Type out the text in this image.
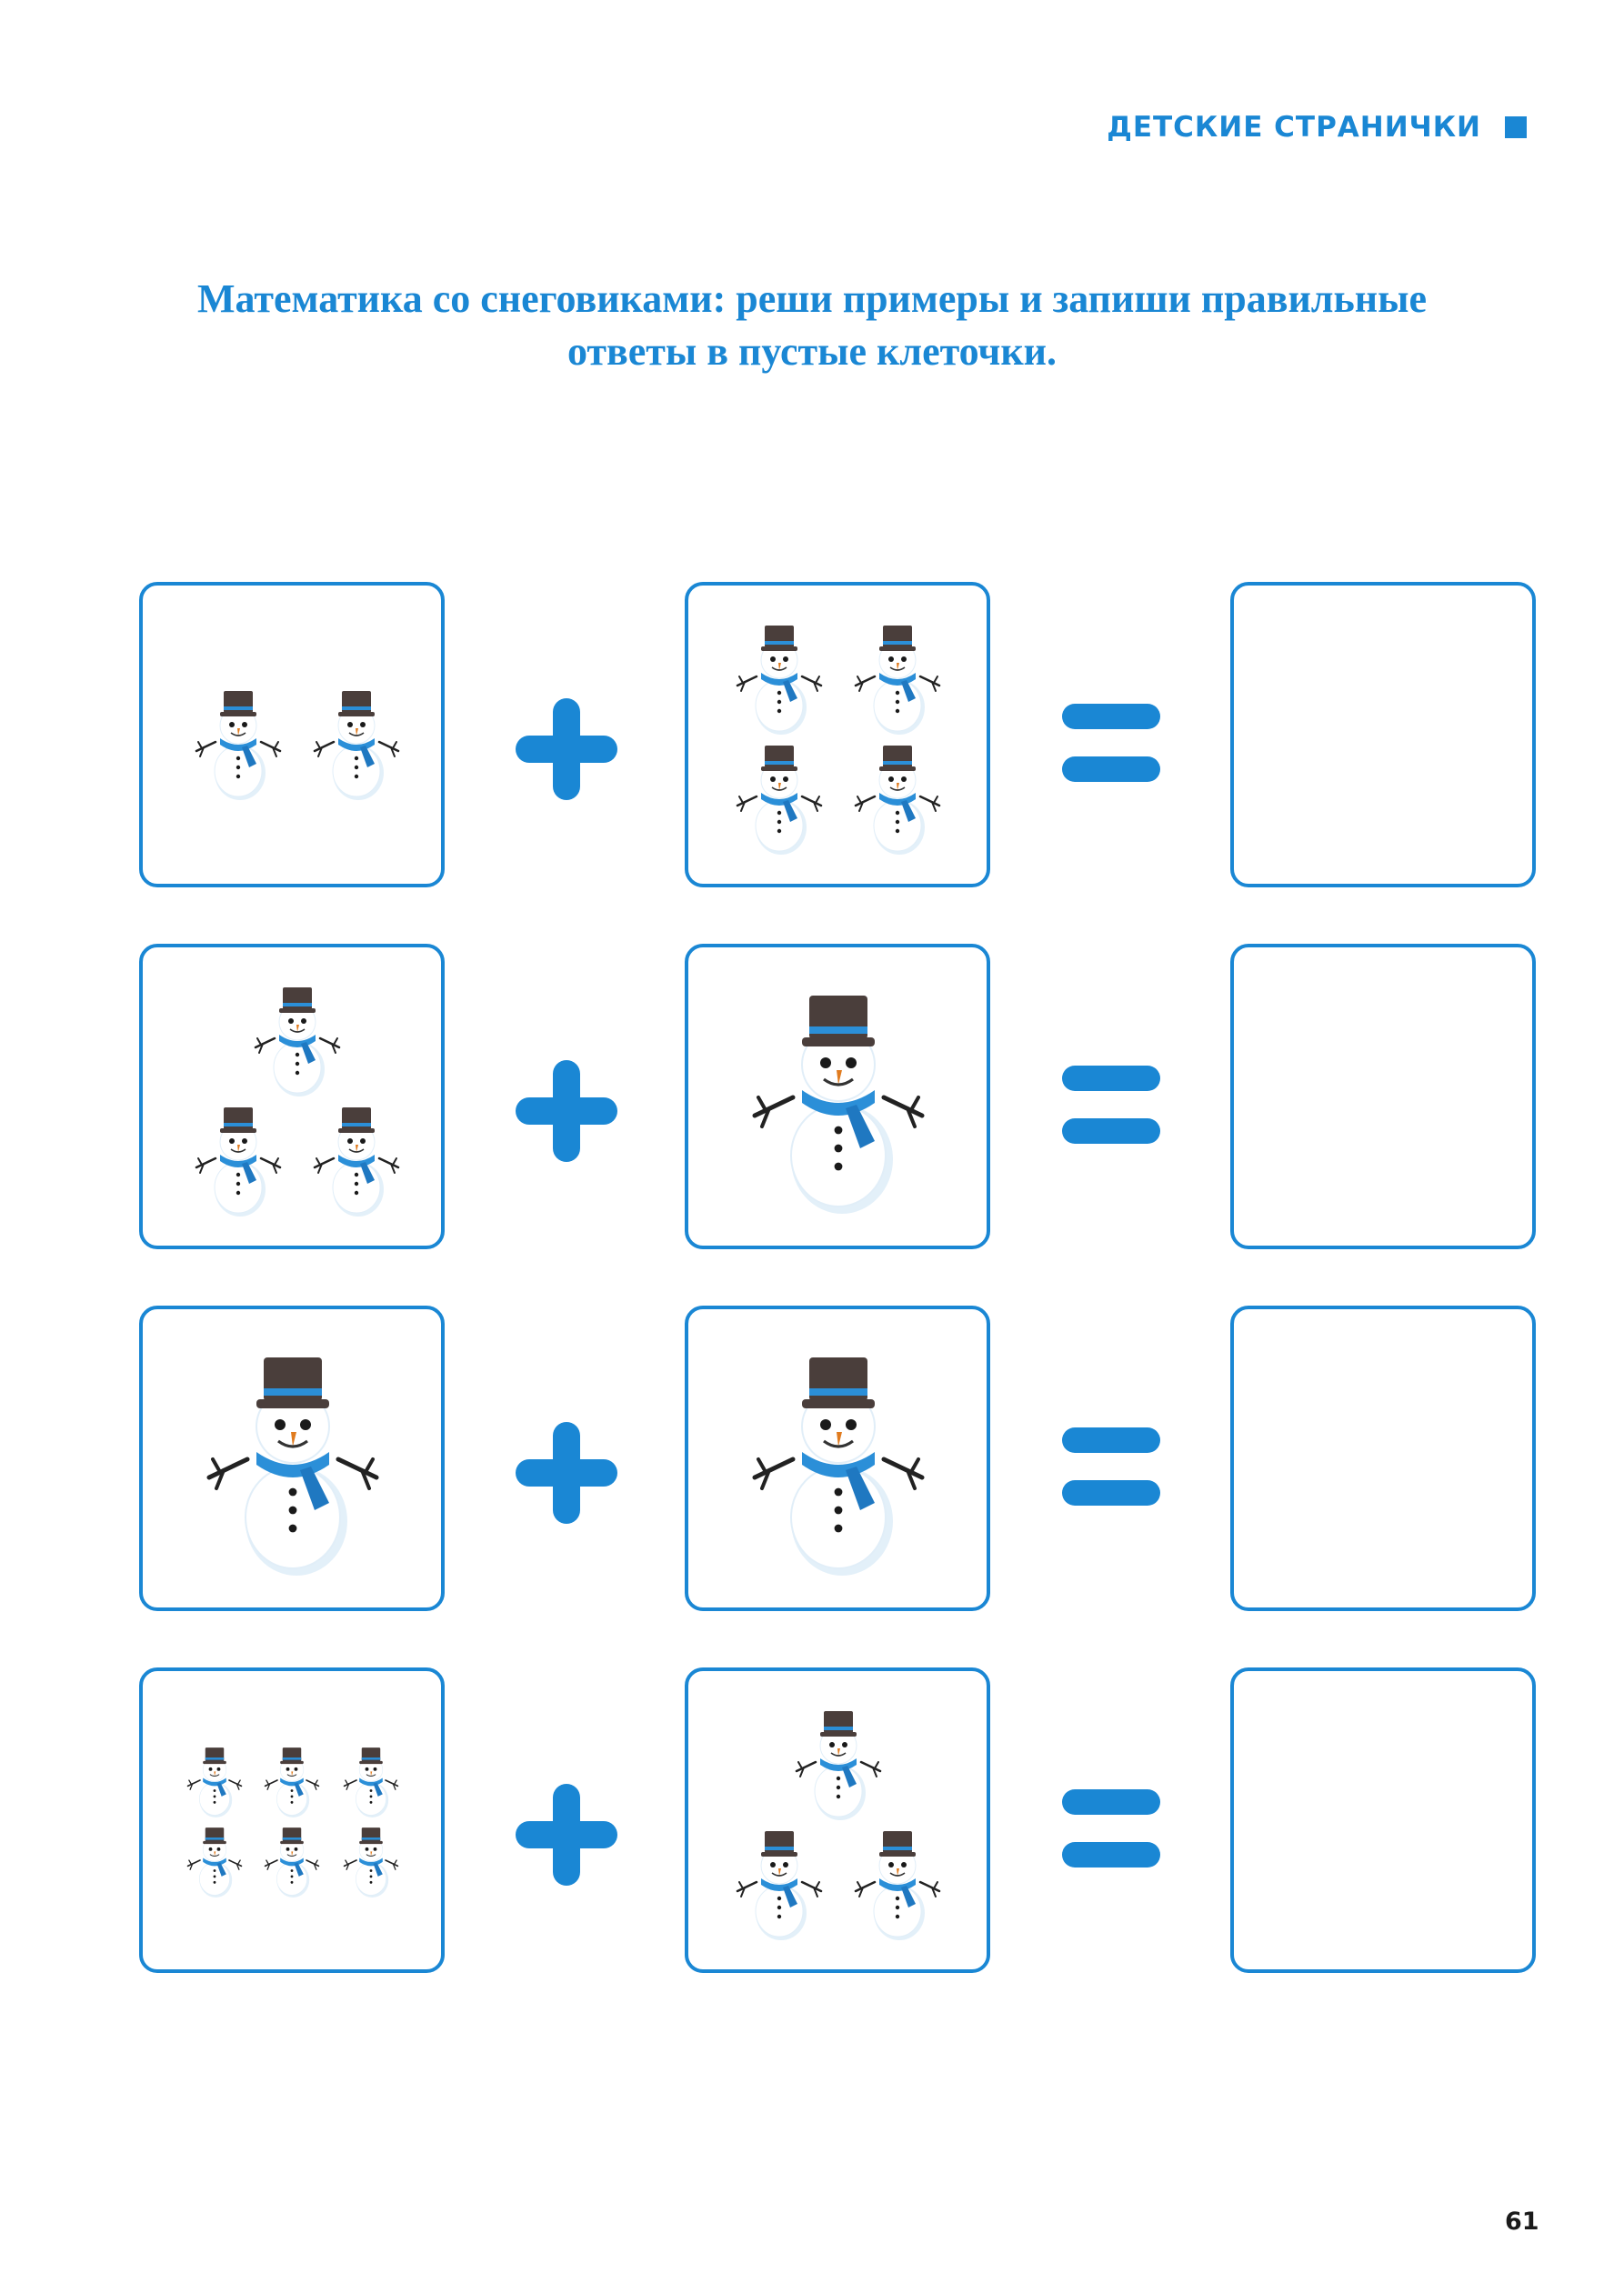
ДЕТСКИЕ СТРАНИЧКИ
Математика со снеговиками: реши примеры и запиши правильные
ответы в пустые клеточки.
61
